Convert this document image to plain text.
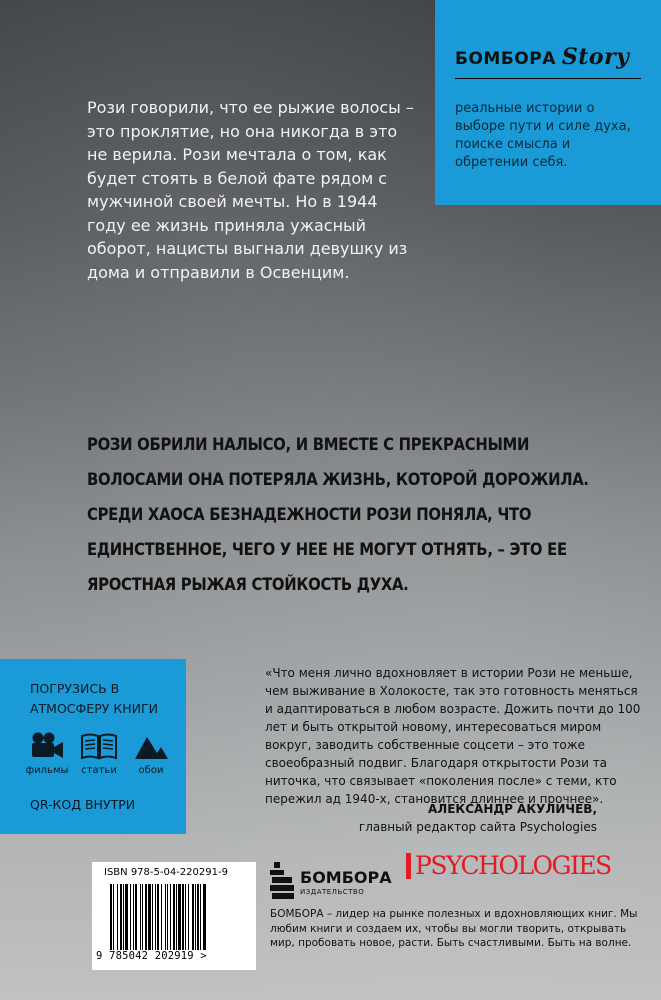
БОМБОРА Story
реальные истории о выборе пути и силе духа, поиске смысла и обретении себя.
Рози говорили, что ее рыжие волосы – это проклятие, но она никогда в это не верила. Рози мечтала о том, как будет стоять в белой фате рядом с мужчиной своей мечты. Но в 1944 году ее жизнь приняла ужасный оборот, нацисты выгнали девушку из дома и отправили в Освенцим.
РОЗИ ОБРИЛИ НАЛЫСО, И ВМЕСТЕ С ПРЕКРАСНЫМИ ВОЛОСАМИ ОНА ПОТЕРЯЛА ЖИЗНЬ, КОТОРОЙ ДОРОЖИЛА. СРЕДИ ХАОСА БЕЗНАДЕЖНОСТИ РОЗИ ПОНЯЛА, ЧТО ЕДИНСТВЕННОЕ, ЧЕГО У НЕЕ НЕ МОГУТ ОТНЯТЬ, – ЭТО ЕЕ ЯРОСТНАЯ РЫЖАЯ СТОЙКОСТЬ ДУХА.
ПОГРУЗИСЬ В АТМОСФЕРУ КНИГИ
фильмы	статьи	обои
QR-КОД ВНУТРИ
«Что меня лично вдохновляет в истории Рози не меньше, чем выживание в Холокосте, так это готовность меняться и адаптироваться в любом возрасте. Дожить почти до 100 лет и быть открытой новому, интересоваться миром вокруг, заводить собственные соцсети – это тоже своеобразный подвиг. Благодаря открытости Рози та ниточка, что связывает «поколения после» с теми, кто пережил ад 1940-х, становится длиннее и прочнее».
АЛЕКСАНДР АКУЛИЧЕВ,
главный редактор сайта Psychologies
ISBN 978-5-04-220291-9
9 785042 202919 >
БОМБОРА
ИЗДАТЕЛЬСТВО
PSYCHOLOGIES
БОМБОРА – лидер на рынке полезных и вдохновляющих книг. Мы любим книги и создаем их, чтобы вы могли творить, открывать мир, пробовать новое, расти. Быть счастливыми. Быть на волне.
